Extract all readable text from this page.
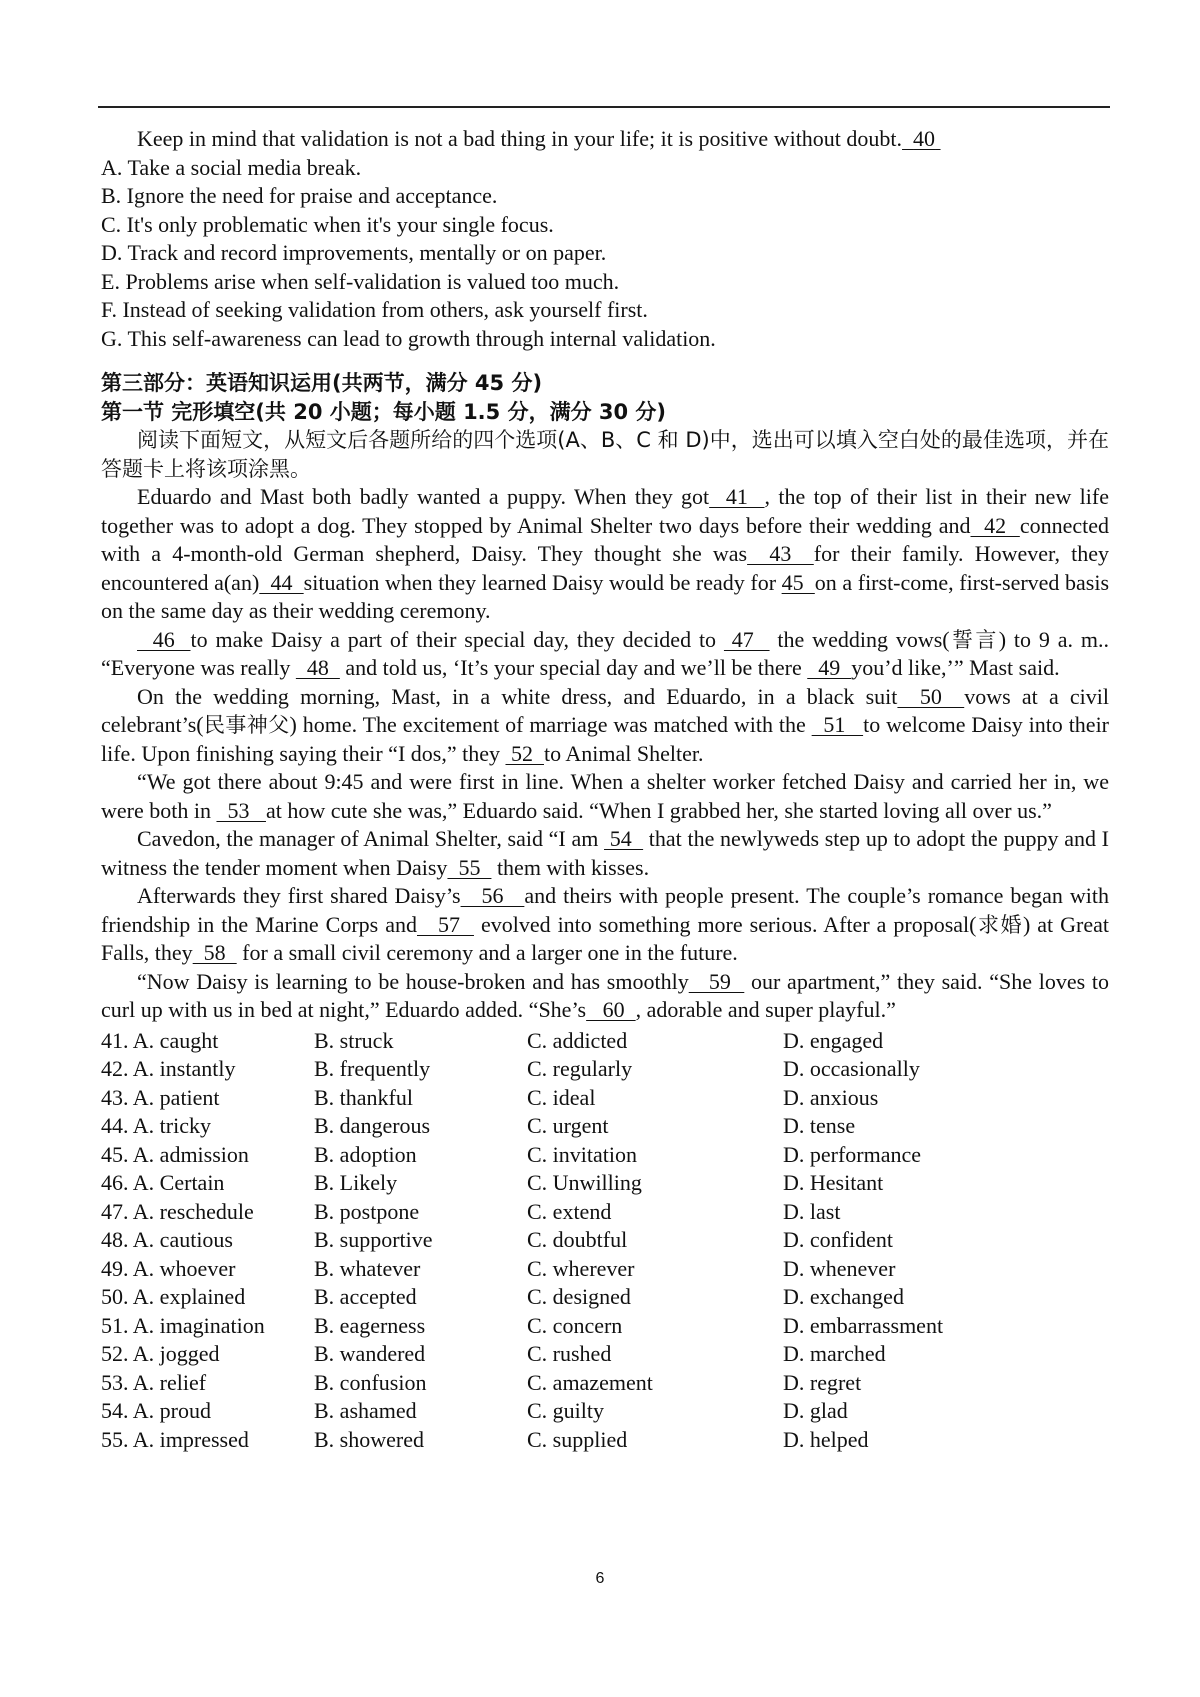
Keep in mind that validation is not a bad thing in your life; it is positive without doubt. 40

A. Take a social media break.

B. Ignore the need for praise and acceptance.

C. It's only problematic when it's your single focus.

D. Track and record improvements, mentally or on paper.

E. Problems arise when self-validation is valued too much.

F. Instead of seeking validation from others, ask yourself first.

G. This self-awareness can lead to growth through internal validation.

第三部分：英语知识运用(共两节，满分 45 分)

第一节 完形填空(共 20 小题；每小题 1.5 分，满分 30 分)

阅读下面短文，从短文后各题所给的四个选项(A、B、C 和 D)中，选出可以填入空白处的最佳选项，并在答题卡上将该项涂黑。

Eduardo and Mast both badly wanted a puppy. When they got  41  , the top of their list in their new life together was to adopt a dog. They stopped by Animal Shelter two days before their wedding and  42  connected with a 4-month-old German shepherd, Daisy. They thought she was  43  for their family. However, they encountered a(an)  44  situation when they learned Daisy would be ready for 45  on a first-come, first-served basis on the same day as their wedding ceremony.

46  to make Daisy a part of their special day, they decided to  47   the wedding vows(誓言) to 9 a. m.. “Everyone was really   48   and told us, ‘It’s your special day and we’ll be there   49  you’d like,’” Mast said.

On the wedding morning, Mast, in a white dress, and Eduardo, in a black suit  50  vows at a civil celebrant’s(民事神父) home. The excitement of marriage was matched with the   51   to welcome Daisy into their life. Upon finishing saying their “I dos,” they  52  to Animal Shelter.

“We got there about 9:45 and were first in line. When a shelter worker fetched Daisy and carried her in, we were both in   53   at how cute she was,” Eduardo said. “When I grabbed her, she started loving all over us.”

Cavedon, the manager of Animal Shelter, said “I am  54   that the newlyweds step up to adopt the puppy and I witness the tender moment when Daisy  55   them with kisses.

Afterwards they first shared Daisy’s   56   and theirs with people present. The couple’s romance began with friendship in the Marine Corps and   57   evolved into something more serious. After a proposal(求婚) at Great Falls, they  58   for a small civil ceremony and a larger one in the future.

“Now Daisy is learning to be house-broken and has smoothly   59   our apartment,” they said. “She loves to curl up with us in bed at night,” Eduardo added. “She’s   60  , adorable and super playful.”

41. A. caught	B. struck	C. addicted	D. engaged
42. A. instantly	B. frequently	C. regularly	D. occasionally
43. A. patient	B. thankful	C. ideal	D. anxious
44. A. tricky	B. dangerous	C. urgent	D. tense
45. A. admission	B. adoption	C. invitation	D. performance
46. A. Certain	B. Likely	C. Unwilling	D. Hesitant
47. A. reschedule	B. postpone	C. extend	D. last
48. A. cautious	B. supportive	C. doubtful	D. confident
49. A. whoever	B. whatever	C. wherever	D. whenever
50. A. explained	B. accepted	C. designed	D. exchanged
51. A. imagination	B. eagerness	C. concern	D. embarrassment
52. A. jogged	B. wandered	C. rushed	D. marched
53. A. relief	B. confusion	C. amazement	D. regret
54. A. proud	B. ashamed	C. guilty	D. glad
55. A. impressed	B. showered	C. supplied	D. helped
6
